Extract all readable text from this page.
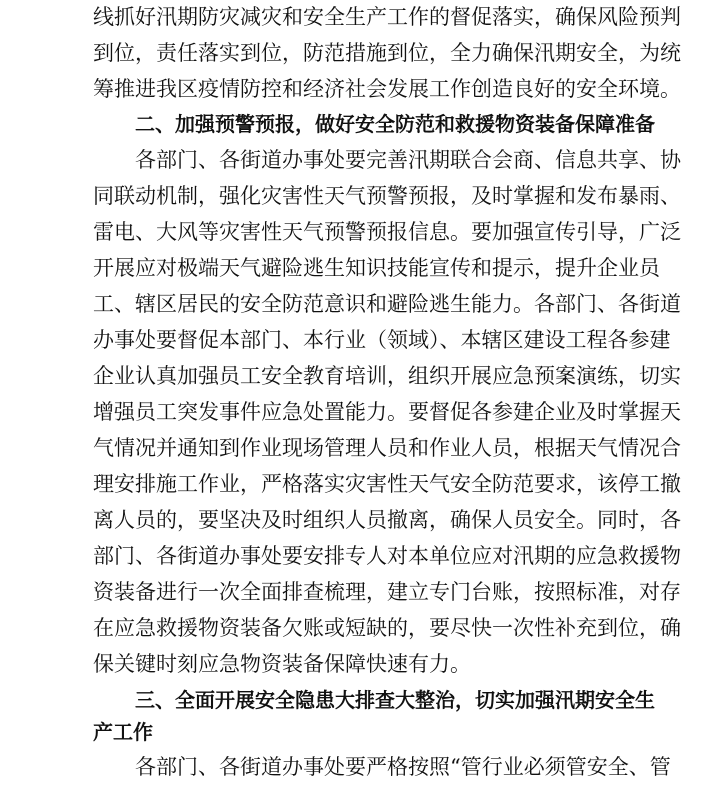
线抓好汛期防灾减灾和安全生产工作的督促落实，确保风险预判
到位，责任落实到位，防范措施到位，全力确保汛期安全，为统
筹推进我区疫情防控和经济社会发展工作创造良好的安全环境。
二、加强预警预报，做好安全防范和救援物资装备保障准备
各部门、各街道办事处要完善汛期联合会商、信息共享、协
同联动机制，强化灾害性天气预警预报，及时掌握和发布暴雨、
雷电、大风等灾害性天气预警预报信息。要加强宣传引导，广泛
开展应对极端天气避险逃生知识技能宣传和提示，提升企业员
工、辖区居民的安全防范意识和避险逃生能力。各部门、各街道
办事处要督促本部门、本行业（领域）、本辖区建设工程各参建
企业认真加强员工安全教育培训，组织开展应急预案演练，切实
增强员工突发事件应急处置能力。要督促各参建企业及时掌握天
气情况并通知到作业现场管理人员和作业人员，根据天气情况合
理安排施工作业，严格落实灾害性天气安全防范要求，该停工撤
离人员的，要坚决及时组织人员撤离，确保人员安全。同时，各
部门、各街道办事处要安排专人对本单位应对汛期的应急救援物
资装备进行一次全面排查梳理，建立专门台账，按照标准，对存
在应急救援物资装备欠账或短缺的，要尽快一次性补充到位，确
保关键时刻应急物资装备保障快速有力。
三、全面开展安全隐患大排查大整治，切实加强汛期安全生
产工作
各部门、各街道办事处要严格按照“管行业必须管安全、管
